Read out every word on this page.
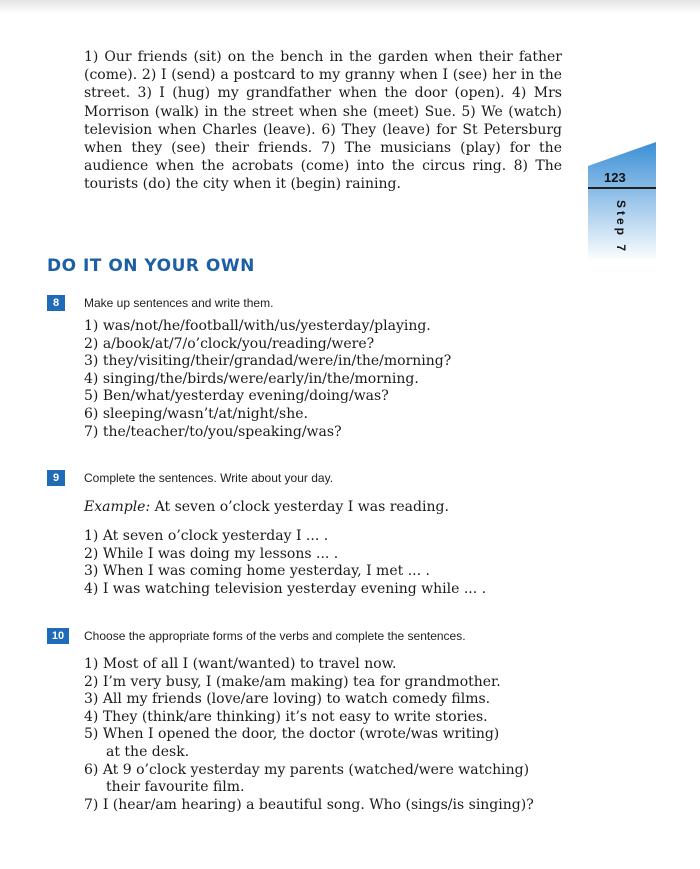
1) Our friends (sit) on the bench in the garden when their father (come). 2) I (send) a postcard to my granny when I (see) her in the street. 3) I (hug) my grandfather when the door (open). 4) Mrs Morrison (walk) in the street when she (meet) Sue. 5) We (watch) television when Charles (leave). 6) They (leave) for St Petersburg when they (see) their friends. 7) The musicians (play) for the audience when the acrobats (come) into the circus ring. 8) The tourists (do) the city when it (begin) raining.	123
Step 7
DO IT ON YOUR OWN
8	Make up sentences and write them.
1) was/not/he/football/with/us/yesterday/playing.
2) a/book/at/7/o’clock/you/reading/were?
3) they/visiting/their/grandad/were/in/the/morning?
4) singing/the/birds/were/early/in/the/morning.
5) Ben/what/yesterday evening/doing/was?
6) sleeping/wasn’t/at/night/she.
7) the/teacher/to/you/speaking/was?
9	Complete the sentences. Write about your day.
Example: At seven o’clock yesterday I was reading.
1) At seven o’clock yesterday I ... .
2) While I was doing my lessons ... .
3) When I was coming home yesterday, I met ... .
4) I was watching television yesterday evening while ... .
10	Choose the appropriate forms of the verbs and complete the sentences.
1) Most of all I (want/wanted) to travel now.
2) I’m very busy, I (make/am making) tea for grandmother.
3) All my friends (love/are loving) to watch comedy films.
4) They (think/are thinking) it’s not easy to write stories.
5) When I opened the door, the doctor (wrote/was writing)
at the desk.
6) At 9 o’clock yesterday my parents (watched/were watching)
their favourite film.
7) I (hear/am hearing) a beautiful song. Who (sings/is singing)?
